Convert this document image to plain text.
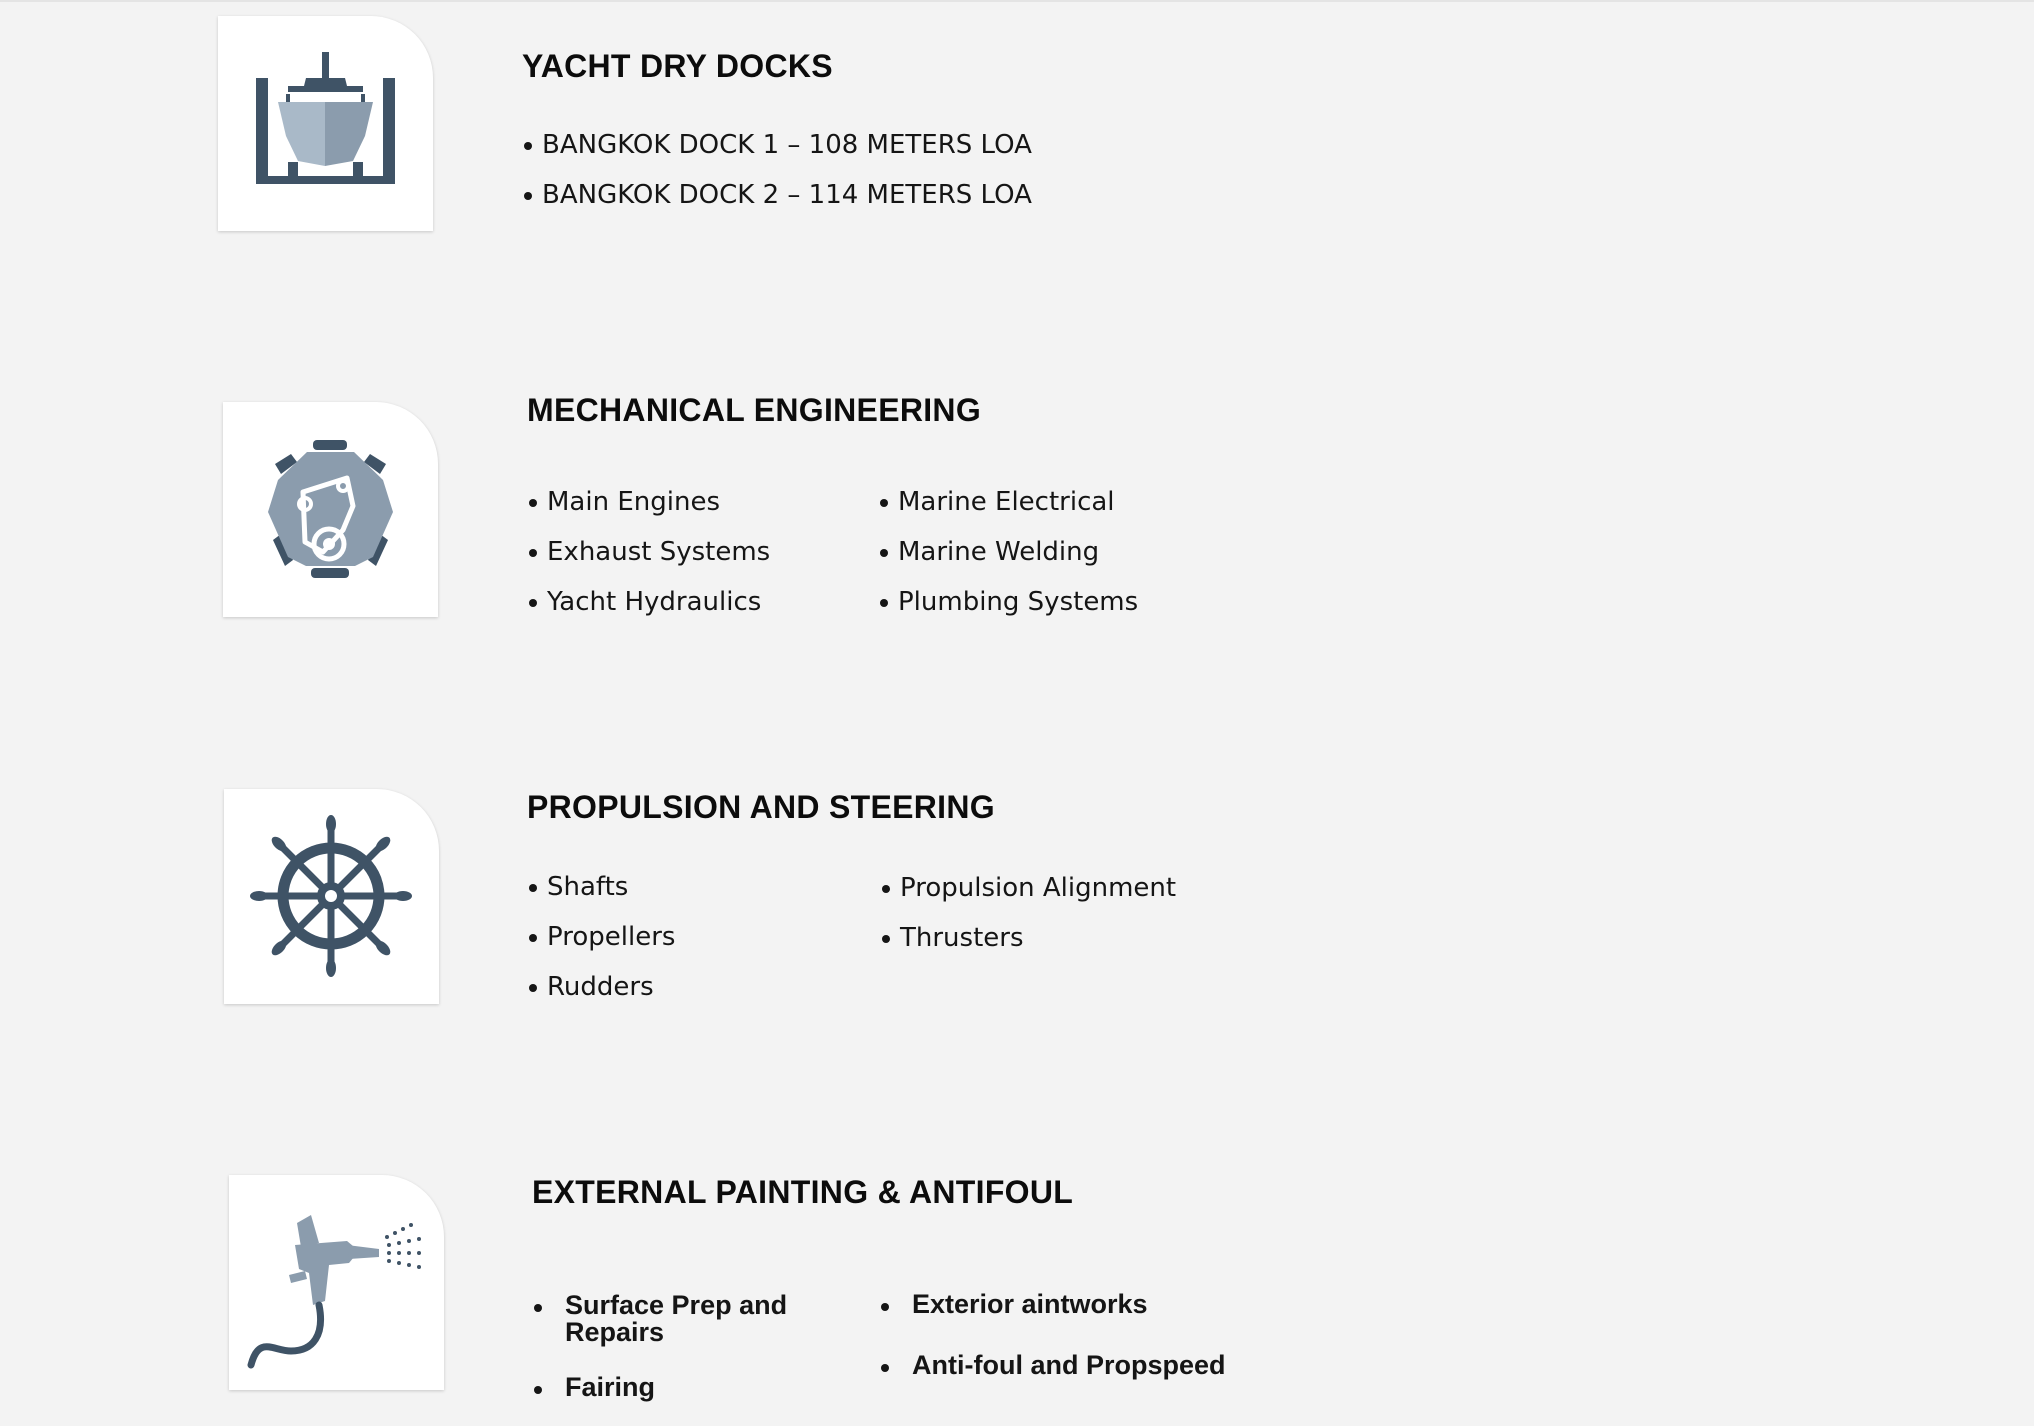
YACHT DRY DOCKS
BANGKOK DOCK 1 – 108 METERS LOA
BANGKOK DOCK 2 – 114 METERS LOA
MECHANICAL ENGINEERING
Main Engines
Exhaust Systems
Yacht Hydraulics
Marine Electrical
Marine Welding
Plumbing Systems
PROPULSION AND STEERING
Shafts
Propellers
Rudders
Propulsion Alignment
Thrusters
EXTERNAL PAINTING & ANTIFOUL
Surface Prep and Repairs
Fairing
Exterior aintworks
Anti-foul and Propspeed
